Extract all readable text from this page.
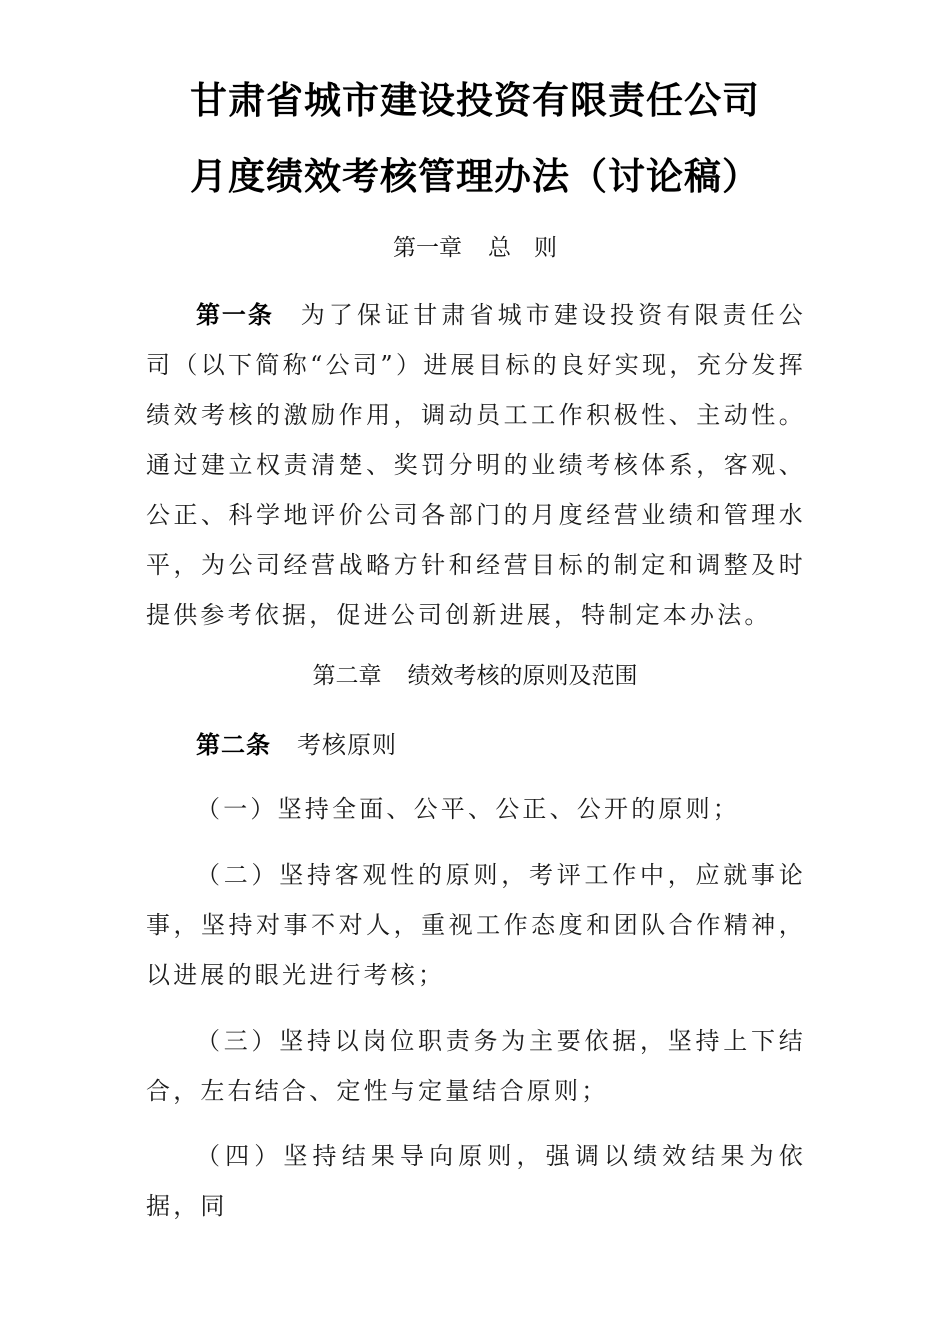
甘肃省城市建设投资有限责任公司
月度绩效考核管理办法（讨论稿）
第一章 总　则
第一条 为了保证甘肃省城市建设投资有限责任公司（以下简称“公司”）进展目标的良好实现，充分发挥绩效考核的激励作用，调动员工工作积极性、主动性。通过建立权责清楚、奖罚分明的业绩考核体系，客观、公正、科学地评价公司各部门的月度经营业绩和管理水平，为公司经营战略方针和经营目标的制定和调整及时提供参考依据，促进公司创新进展，特制定本办法。
第二章 绩效考核的原则及范围
第二条 考核原则
（一）坚持全面、公平、公正、公开的原则；
（二）坚持客观性的原则，考评工作中，应就事论事，坚持对事不对人，重视工作态度和团队合作精神，以进展的眼光进行考核；
（三）坚持以岗位职责务为主要依据，坚持上下结合，左右结合、定性与定量结合原则；
（四）坚持结果导向原则，强调以绩效结果为依据，同
